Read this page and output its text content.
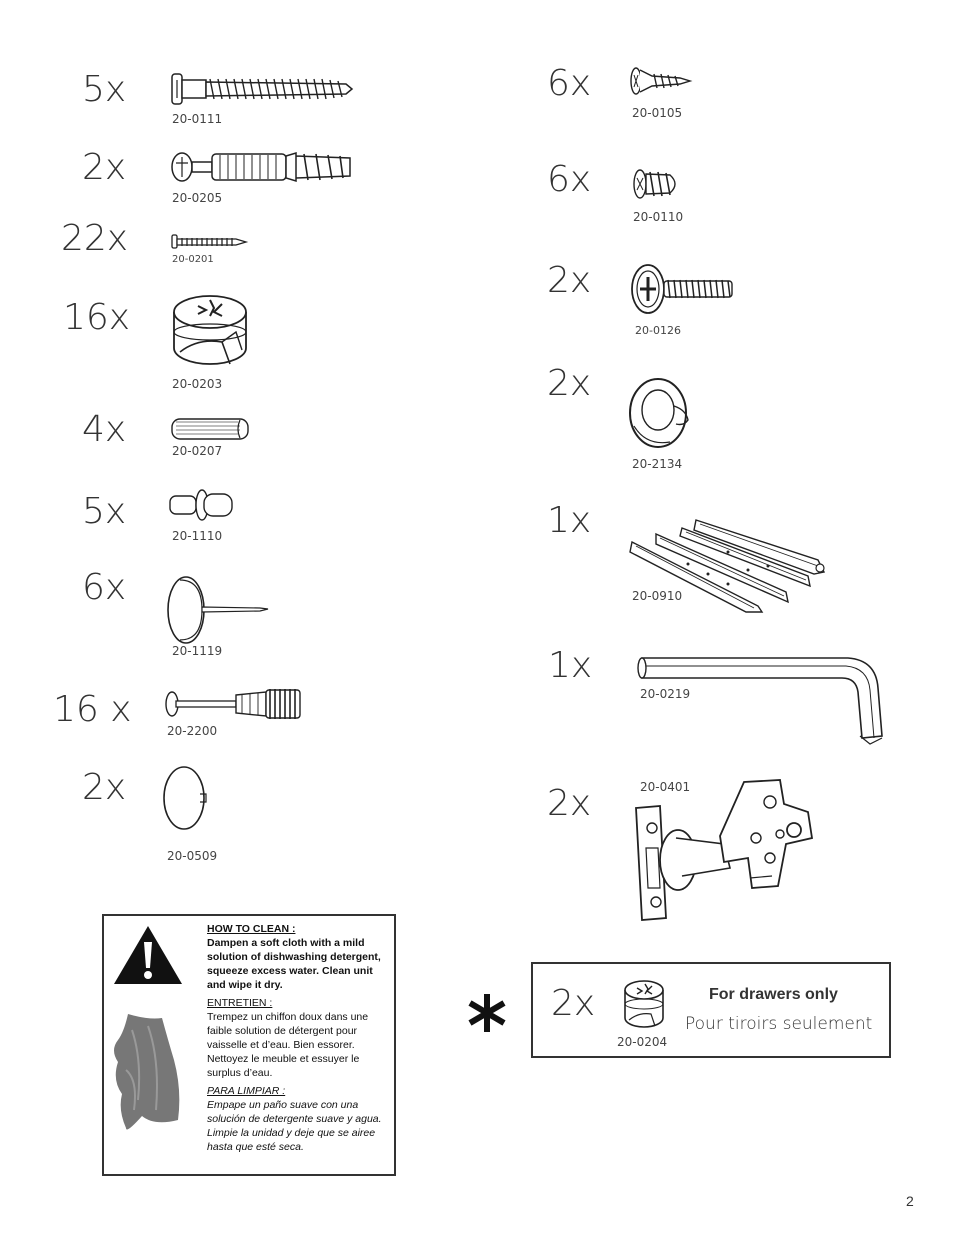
5x
20-0111
2x
20-0205
22x
20-0201
16x
20-0203
4x
20-0207
5x
20-1110
6x
20-1119
16 x
20-2200
2x
20-0509
6x
20-0105
6x
20-0110
2x
20-0126
2x
20-2134
1x
20-0910
1x
20-0219
2x	20-0401

HOW TO CLEAN :
Dampen a soft cloth with a mild solution of dishwashing detergent, squeeze excess water. Clean unit and wipe it dry.

ENTRETIEN :
Trempez un chiffon doux dans une faible solution de détergent pour vaisselle et d’eau. Bien essorer. Nettoyez le meuble et essuyer le surplus d’eau.

PARA LIMPIAR :
Empape un paño suave con una solución de detergente suave y agua. Limpie la unidad y deje que se airee hasta que esté seca.

2x
20-0204
For drawers only
Pour tiroirs seulement
2
